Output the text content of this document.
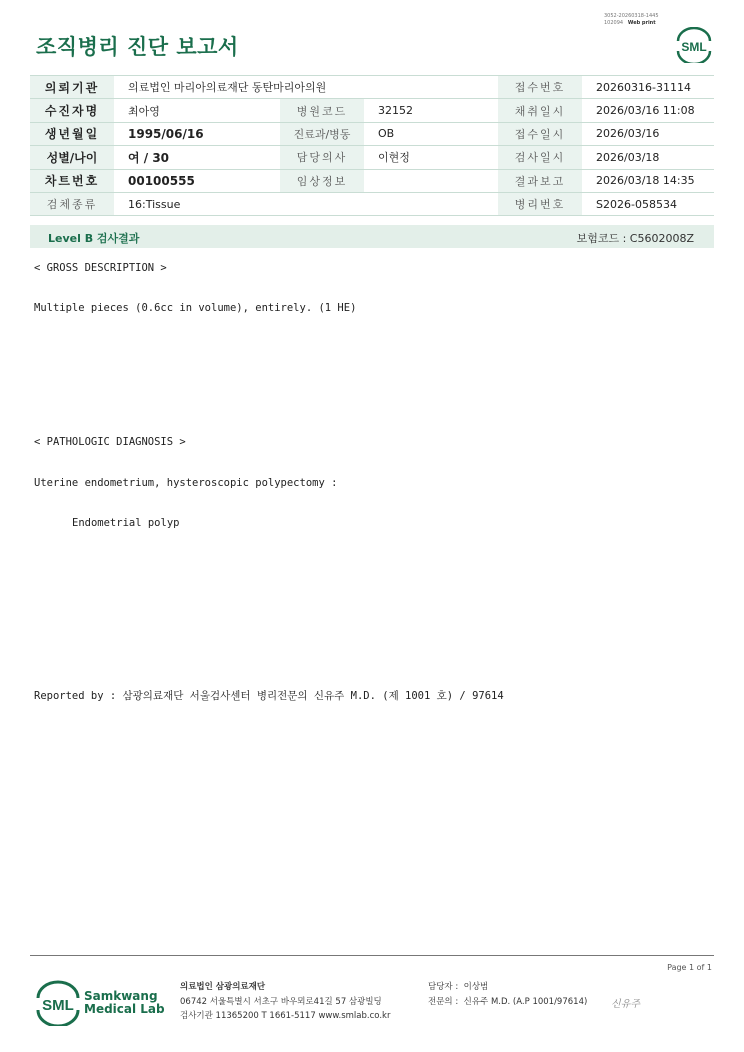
조직병리 진단 보고서
3052-20260318-1445
102094 Web print
SML
의뢰기관	의료법인 마리아의료재단 동탄마리아의원			접수번호	20260316-31114
수진자명	최아영	병원코드	32152	채취일시	2026/03/16 11:08
생년월일	1995/06/16	진료과/병동	OB	접수일시	2026/03/16
성별/나이	여 / 30	담당의사	이현정	검사일시	2026/03/18
차트번호	00100555	임상정보		결과보고	2026/03/18 14:35
검체종류	16:Tissue			병리번호	S2026-058534
Level B 검사결과	보험코드 : C5602008Z
< GROSS DESCRIPTION >
Multiple pieces (0.6cc in volume), entirely. (1 HE)
< PATHOLOGIC DIAGNOSIS >
Uterine endometrium, hysteroscopic polypectomy :
Endometrial polyp
Reported by : 삼광의료재단 서울검사센터 병리전문의 신유주 M.D. (제 1001 호) / 97614
Page 1 of 1
SML
Samkwang
Medical Lab
의료법인 삼광의료재단
06742 서울특별시 서초구 바우뫼로41길 57 삼광빌딩
검사기관 11365200 T 1661-5117 www.smlab.co.kr
담당자 : 이상범
전문의 : 신유주 M.D. (A.P 1001/97614) 신유주
